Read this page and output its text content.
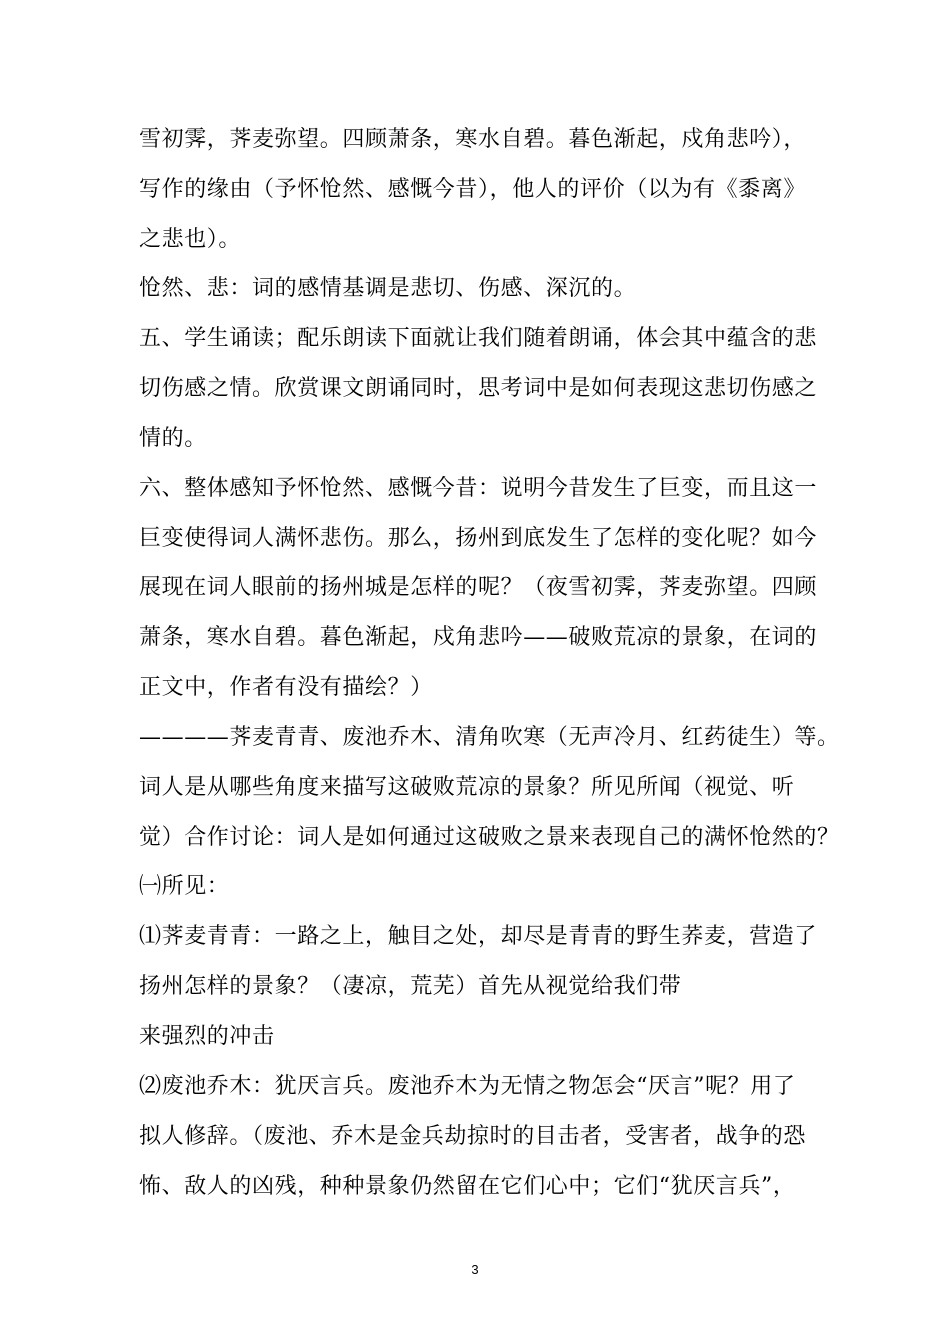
雪初霁，荠麦弥望。四顾萧条，寒水自碧。暮色渐起，戍角悲吟），
写作的缘由（予怀怆然、感慨今昔），他人的评价（以为有《黍离》
之悲也）。
怆然、悲：词的感情基调是悲切、伤感、深沉的。
五、学生诵读；配乐朗读下面就让我们随着朗诵，体会其中蕴含的悲
切伤感之情。欣赏课文朗诵同时，思考词中是如何表现这悲切伤感之
情的。
六、整体感知予怀怆然、感慨今昔：说明今昔发生了巨变，而且这一
巨变使得词人满怀悲伤。那么，扬州到底发生了怎样的变化呢？如今
展现在词人眼前的扬州城是怎样的呢？（夜雪初霁，荠麦弥望。四顾
萧条，寒水自碧。暮色渐起，戍角悲吟——破败荒凉的景象，在词的
正文中，作者有没有描绘？）
————荠麦青青、废池乔木、清角吹寒（无声冷月、红药徒生）等。
词人是从哪些角度来描写这破败荒凉的景象？所见所闻（视觉、听
觉）合作讨论：词人是如何通过这破败之景来表现自己的满怀怆然的？
㈠所见：
⑴荠麦青青：一路之上，触目之处，却尽是青青的野生荞麦，营造了
扬州怎样的景象？（凄凉，荒芜）首先从视觉给我们带
来强烈的冲击
⑵废池乔木：犹厌言兵。废池乔木为无情之物怎会“厌言”呢？用了
拟人修辞。（废池、乔木是金兵劫掠时的目击者，受害者，战争的恐
怖、敌人的凶残，种种景象仍然留在它们心中；它们“犹厌言兵”，
3
